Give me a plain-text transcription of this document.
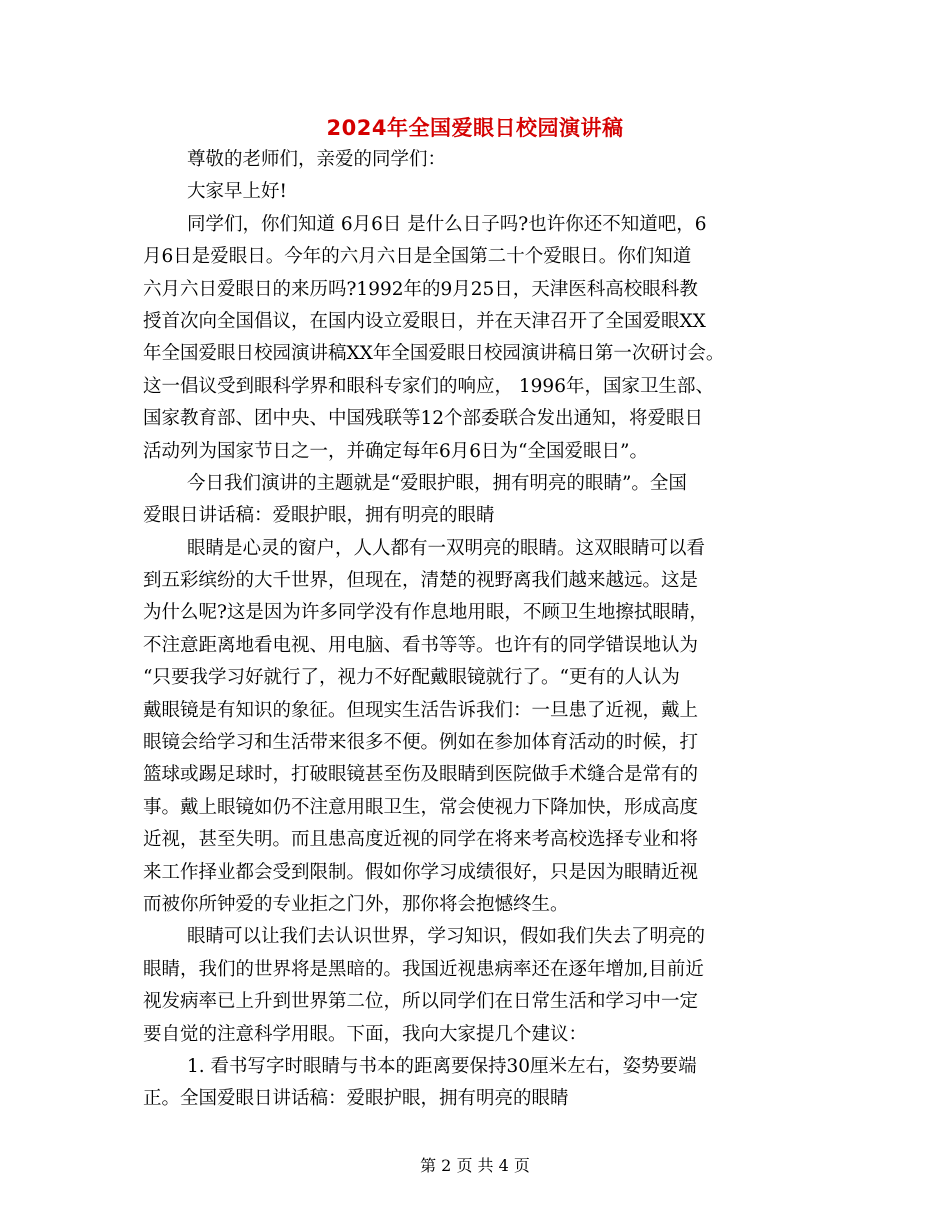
2024年全国爱眼日校园演讲稿
尊敬的老师们，亲爱的同学们：
大家早上好!
同学们，你们知道 6月6日 是什么日子吗?也许你还不知道吧，6
月6日是爱眼日。今年的六月六日是全国第二十个爱眼日。你们知道
六月六日爱眼日的来历吗?1992年的9月25日，天津医科高校眼科教
授首次向全国倡议，在国内设立爱眼日，并在天津召开了全国爱眼XX
年全国爱眼日校园演讲稿XX年全国爱眼日校园演讲稿日第一次研讨会。
这一倡议受到眼科学界和眼科专家们的响应， 1996年，国家卫生部、
国家教育部、团中央、中国残联等12个部委联合发出通知，将爱眼日
活动列为国家节日之一，并确定每年6月6日为“全国爱眼日”。
今日我们演讲的主题就是“爱眼护眼，拥有明亮的眼睛”。全国
爱眼日讲话稿：爱眼护眼，拥有明亮的眼睛
眼睛是心灵的窗户，人人都有一双明亮的眼睛。这双眼睛可以看
到五彩缤纷的大千世界，但现在，清楚的视野离我们越来越远。这是
为什么呢?这是因为许多同学没有作息地用眼，不顾卫生地擦拭眼睛，
不注意距离地看电视、用电脑、看书等等。也许有的同学错误地认为
“只要我学习好就行了，视力不好配戴眼镜就行了。“更有的人认为
戴眼镜是有知识的象征。但现实生活告诉我们：一旦患了近视，戴上
眼镜会给学习和生活带来很多不便。例如在参加体育活动的时候，打
篮球或踢足球时，打破眼镜甚至伤及眼睛到医院做手术缝合是常有的
事。戴上眼镜如仍不注意用眼卫生，常会使视力下降加快，形成高度
近视，甚至失明。而且患高度近视的同学在将来考高校选择专业和将
来工作择业都会受到限制。假如你学习成绩很好，只是因为眼睛近视
而被你所钟爱的专业拒之门外，那你将会抱憾终生。
眼睛可以让我们去认识世界，学习知识，假如我们失去了明亮的
眼睛，我们的世界将是黑暗的。我国近视患病率还在逐年增加,目前近
视发病率已上升到世界第二位，所以同学们在日常生活和学习中一定
要自觉的注意科学用眼。下面，我向大家提几个建议：
1. 看书写字时眼睛与书本的距离要保持30厘米左右，姿势要端
正。全国爱眼日讲话稿：爱眼护眼，拥有明亮的眼睛
第 2 页 共 4 页
